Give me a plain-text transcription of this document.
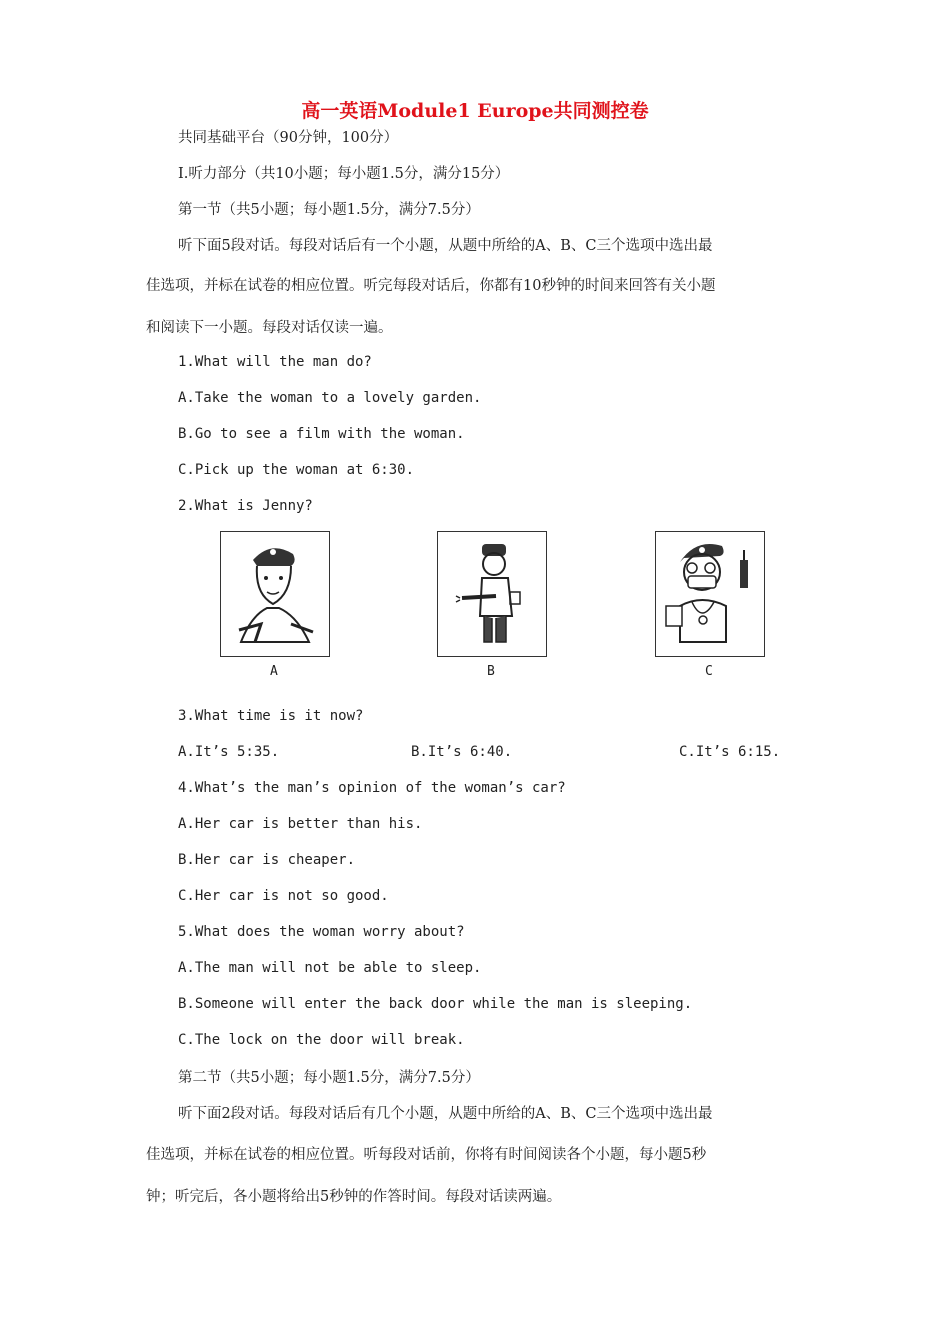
高一英语Module1 Europe共同测控卷
共同基础平台（90分钟，100分）
Ⅰ.听力部分（共10小题；每小题1.5分，满分15分）
第一节（共5小题；每小题1.5分，满分7.5分）
听下面5段对话。每段对话后有一个小题，从题中所给的A、B、C三个选项中选出最
佳选项，并标在试卷的相应位置。听完每段对话后，你都有10秒钟的时间来回答有关小题
和阅读下一小题。每段对话仅读一遍。
1.What will the man do?
A.Take the woman to a lovely garden.
B.Go to see a film with the woman.
C.Pick up the woman at 6:30.
2.What is Jenny?
A	B	C
3.What time is it now?
A.It’s 5:35.	B.It’s 6:40.	C.It’s 6:15.
4.What’s the man’s opinion of the woman’s car?
A.Her car is better than his.
B.Her car is cheaper.
C.Her car is not so good.
5.What does the woman worry about?
A.The man will not be able to sleep.
B.Someone will enter the back door while the man is sleeping.
C.The lock on the door will break.
第二节（共5小题；每小题1.5分，满分7.5分）
听下面2段对话。每段对话后有几个小题，从题中所给的A、B、C三个选项中选出最
佳选项，并标在试卷的相应位置。听每段对话前，你将有时间阅读各个小题，每小题5秒
钟；听完后，各小题将给出5秒钟的作答时间。每段对话读两遍。
